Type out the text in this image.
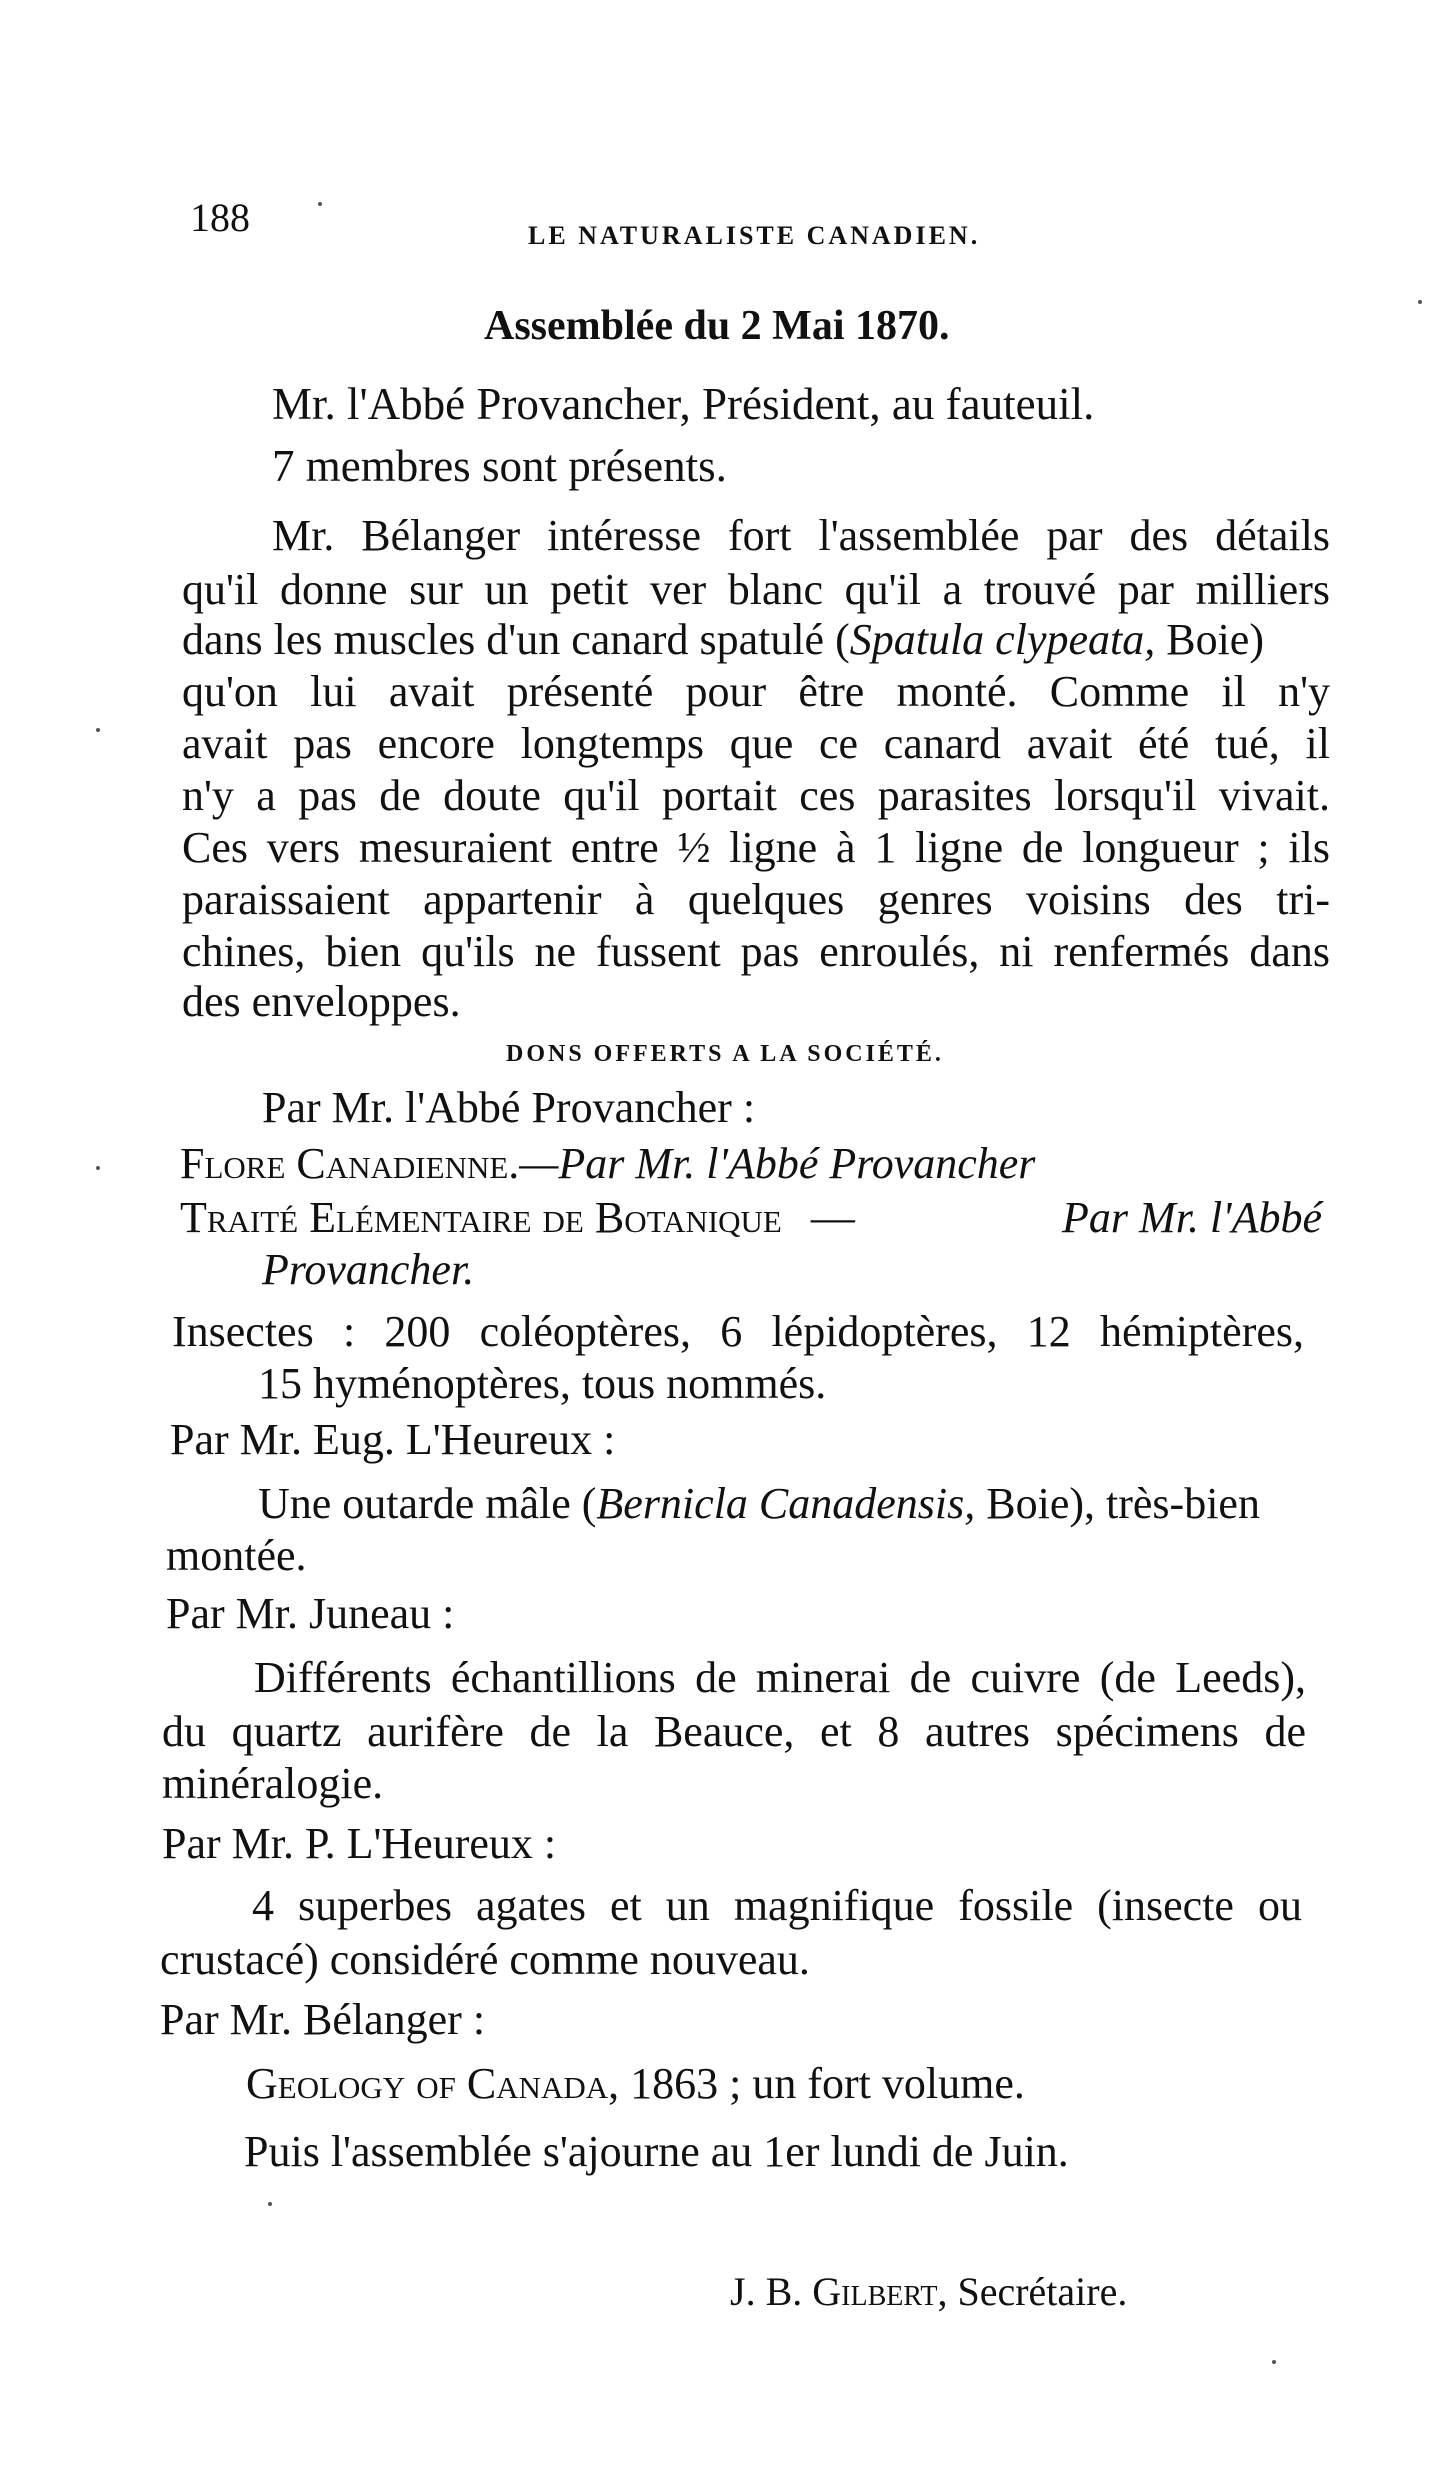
188	LE NATURALISTE CANADIEN.
Assemblée du 2 Mai 1870.
Mr. l'Abbé Provancher, Président, au fauteuil.
7 membres sont présents.
Mr. Bélanger intéresse fort l'assemblée par des détails
qu'il donne sur un petit ver blanc qu'il a trouvé par milliers
dans les muscles d'un canard spatulé (Spatula clypeata, Boie)
qu'on lui avait présenté pour être monté. Comme il n'y
avait pas encore longtemps que ce canard avait été tué, il
n'y a pas de doute qu'il portait ces parasites lorsqu'il vivait.
Ces vers mesuraient entre ½ ligne à 1 ligne de longueur ; ils
paraissaient appartenir à quelques genres voisins des tri-
chines, bien qu'ils ne fussent pas enroulés, ni renfermés dans
des enveloppes.
DONS OFFERTS A LA SOCIÉTÉ.
Par Mr. l'Abbé Provancher :
Flore Canadienne.—Par Mr. l'Abbé Provancher
Traité Elémentaire de Botanique —	Par Mr. l'Abbé
Provancher.
Insectes : 200 coléoptères, 6 lépidoptères, 12 hémiptères,
15 hyménoptères, tous nommés.
Par Mr. Eug. L'Heureux :
Une outarde mâle (Bernicla Canadensis, Boie), très-bien
montée.
Par Mr. Juneau :
Différents échantillions de minerai de cuivre (de Leeds),
du quartz aurifère de la Beauce, et 8 autres spécimens de
minéralogie.
Par Mr. P. L'Heureux :
4 superbes agates et un magnifique fossile (insecte ou
crustacé) considéré comme nouveau.
Par Mr. Bélanger :
Geology of Canada, 1863 ; un fort volume.
Puis l'assemblée s'ajourne au 1er lundi de Juin.
J. B. Gilbert, Secrétaire.
